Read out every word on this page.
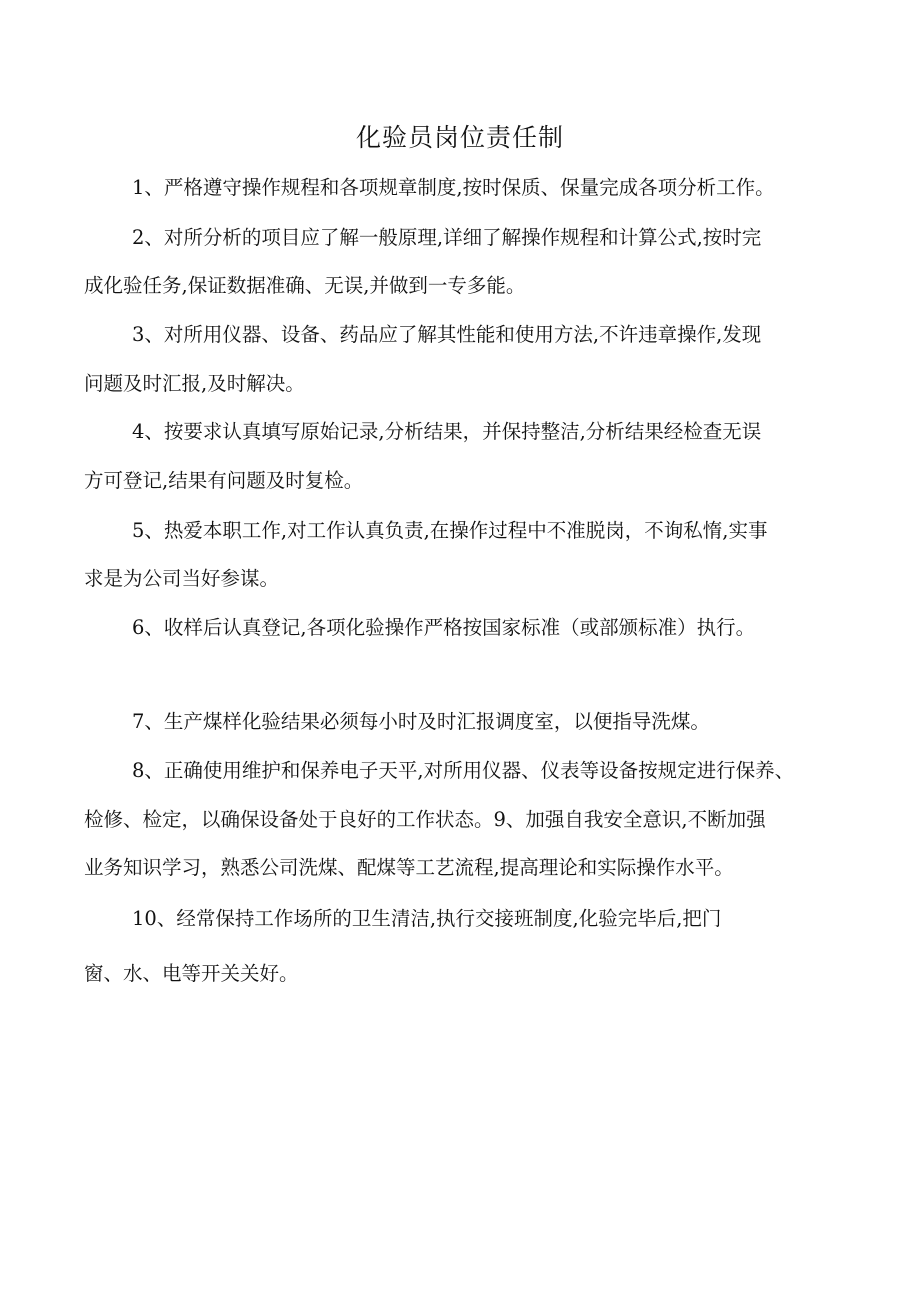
化验员岗位责任制
1、严格遵守操作规程和各项规章制度,按时保质、保量完成各项分析工作。
2、对所分析的项目应了解一般原理,详细了解操作规程和计算公式,按时完
成化验任务,保证数据准确、无误,并做到一专多能。
3、对所用仪器、设备、药品应了解其性能和使用方法,不许违章操作,发现
问题及时汇报,及时解决。
4、按要求认真填写原始记录,分析结果，并保持整洁,分析结果经检查无误
方可登记,结果有问题及时复检。
5、热爱本职工作,对工作认真负责,在操作过程中不准脱岗，不询私惰,实事
求是为公司当好参谋。
6、收样后认真登记,各项化验操作严格按国家标准（或部颁标准）执行。
7、生产煤样化验结果必须每小时及时汇报调度室，以便指导洗煤。
8、正确使用维护和保养电子天平,对所用仪器、仪表等设备按规定进行保养、
检修、检定，以确保设备处于良好的工作状态。9、加强自我安全意识,不断加强
业务知识学习，熟悉公司洗煤、配煤等工艺流程,提高理论和实际操作水平。
10、经常保持工作场所的卫生清洁,执行交接班制度,化验完毕后,把门
窗、水、电等开关关好。
